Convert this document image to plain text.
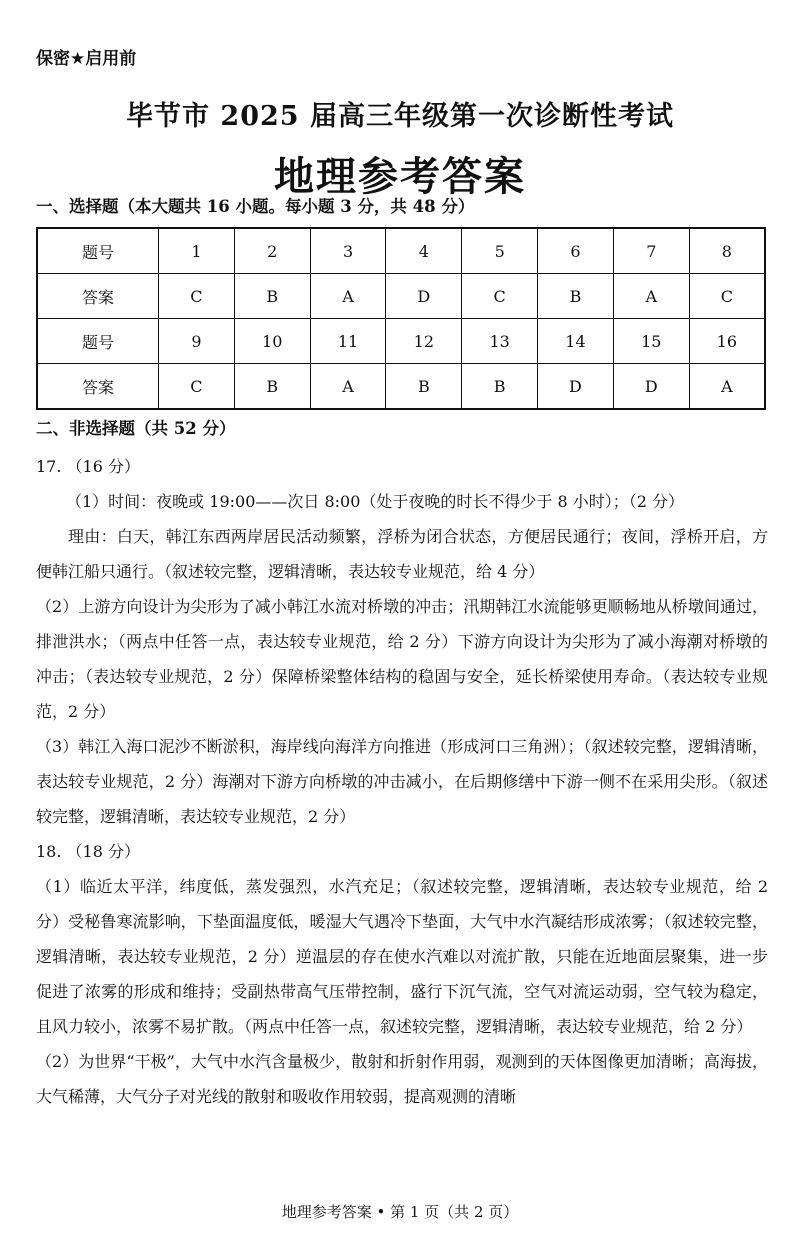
保密★启用前
毕节市 2025 届高三年级第一次诊断性考试
地理参考答案
一、选择题（本大题共 16 小题。每小题 3 分，共 48 分）
题号	1	2	3	4	5	6	7	8
答案	C	B	A	D	C	B	A	C
题号	9	10	11	12	13	14	15	16
答案	C	B	A	B	B	D	D	A
二、非选择题（共 52 分）

17. （16 分）

（1）时间：夜晚或 19:00——次日 8:00（处于夜晚的时长不得少于 8 小时）；（2 分）

理由：白天，韩江东西两岸居民活动频繁，浮桥为闭合状态，方便居民通行；夜间，浮桥开启，方便韩江船只通行。（叙述较完整，逻辑清晰，表达较专业规范，给 4 分）

（2）上游方向设计为尖形为了减小韩江水流对桥墩的冲击；汛期韩江水流能够更顺畅地从桥墩间通过，排泄洪水；（两点中任答一点，表达较专业规范，给 2 分）下游方向设计为尖形为了减小海潮对桥墩的冲击；（表达较专业规范，2 分）保障桥梁整体结构的稳固与安全，延长桥梁使用寿命。（表达较专业规范，2 分）

（3）韩江入海口泥沙不断淤积，海岸线向海洋方向推进（形成河口三角洲）；（叙述较完整，逻辑清晰，表达较专业规范，2 分）海潮对下游方向桥墩的冲击减小，在后期修缮中下游一侧不在采用尖形。（叙述较完整，逻辑清晰，表达较专业规范，2 分）

18. （18 分）

（1）临近太平洋，纬度低，蒸发强烈，水汽充足；（叙述较完整，逻辑清晰，表达较专业规范，给 2 分）受秘鲁寒流影响，下垫面温度低，暖湿大气遇冷下垫面，大气中水汽凝结形成浓雾；（叙述较完整，逻辑清晰，表达较专业规范，2 分）逆温层的存在使水汽难以对流扩散，只能在近地面层聚集，进一步促进了浓雾的形成和维持；受副热带高气压带控制，盛行下沉气流，空气对流运动弱，空气较为稳定，且风力较小，浓雾不易扩散。（两点中任答一点，叙述较完整，逻辑清晰，表达较专业规范，给 2 分）

（2）为世界“干极”，大气中水汽含量极少，散射和折射作用弱，观测到的天体图像更加清晰；高海拔，大气稀薄，大气分子对光线的散射和吸收作用较弱，提高观测的清晰

地理参考答案 • 第 1 页（共 2 页）
